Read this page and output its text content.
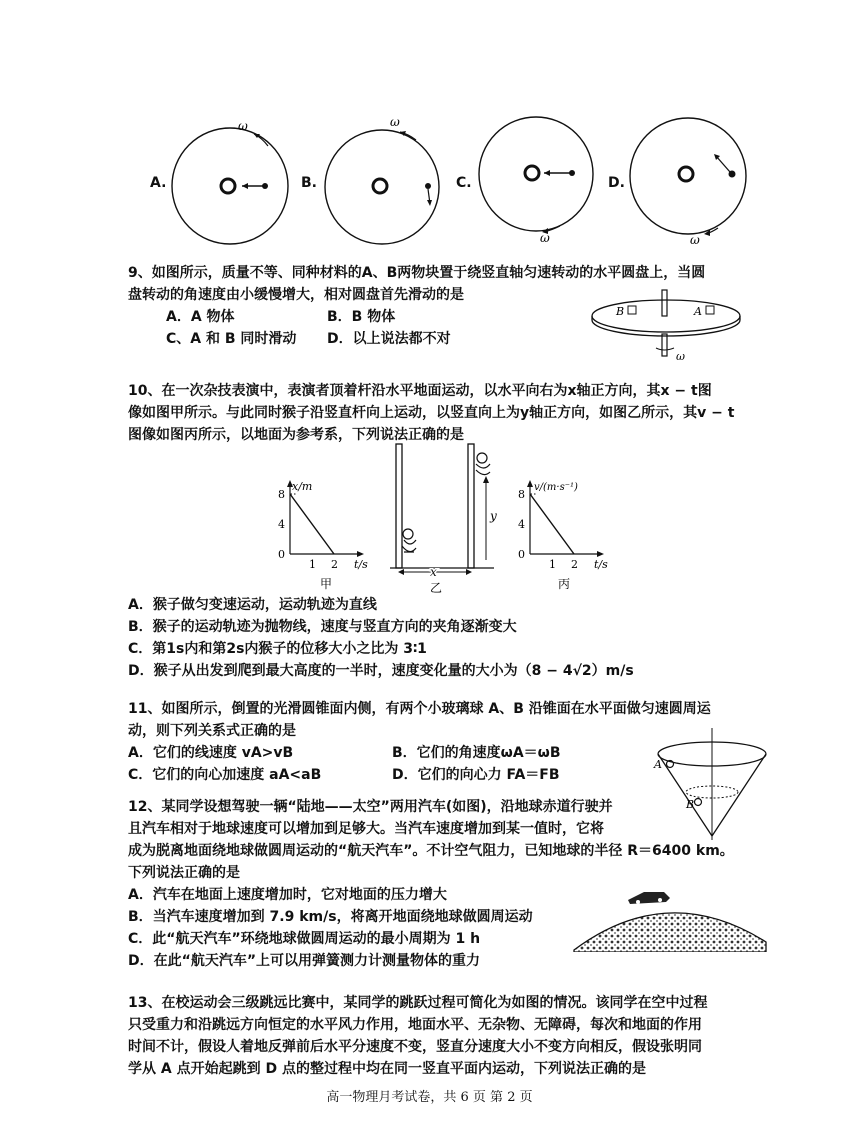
A.	B.	C.	D.
ω	ω
ω	ω
9、如图所示，质量不等、同种材料的A、B两物块置于绕竖直轴匀速转动的水平圆盘上，当圆
盘转动的角速度由小缓慢增大，相对圆盘首先滑动的是
A．A 物体	B．B 物体
C、A 和 B 同时滑动 D．以上说法都不对
B	A
ω
10、在一次杂技表演中，表演者顶着杆沿水平地面运动，以水平向右为x轴正方向，其x − t图
像如图甲所示。与此同时猴子沿竖直杆向上运动，以竖直向上为y轴正方向，如图乙所示，其v − t
图像如图丙所示，以地面为参考系，下列说法正确的是
x/m
8
4
0
1 2 t/s
甲
y
x
乙
v/(m·s⁻¹)
8
4
0
1 2 t/s
丙
A．猴子做匀变速运动，运动轨迹为直线
B．猴子的运动轨迹为抛物线，速度与竖直方向的夹角逐渐变大
C．第1s内和第2s内猴子的位移大小之比为 3∶1
D．猴子从出发到爬到最大高度的一半时，速度变化量的大小为（8 − 4√2）m/s
11、如图所示，倒置的光滑圆锥面内侧，有两个小玻璃球 A、B 沿锥面在水平面做匀速圆周运
动，则下列关系式正确的是
A．它们的线速度 vA>vB	B．它们的角速度ωA＝ωB
C．它们的向心加速度 aA<aB	D．它们的向心力 FA＝FB
A
B
12、某同学设想驾驶一辆“陆地——太空”两用汽车(如图)，沿地球赤道行驶并
且汽车相对于地球速度可以增加到足够大。当汽车速度增加到某一值时，它将
成为脱离地面绕地球做圆周运动的“航天汽车”。不计空气阻力，已知地球的半径 R＝6400 km。
下列说法正确的是
A．汽车在地面上速度增加时，它对地面的压力增大
B．当汽车速度增加到 7.9 km/s，将离开地面绕地球做圆周运动
C．此“航天汽车”环绕地球做圆周运动的最小周期为 1 h
D．在此“航天汽车”上可以用弹簧测力计测量物体的重力
13、在校运动会三级跳远比赛中，某同学的跳跃过程可简化为如图的情况。该同学在空中过程
只受重力和沿跳远方向恒定的水平风力作用，地面水平、无杂物、无障碍，每次和地面的作用
时间不计，假设人着地反弹前后水平分速度不变，竖直分速度大小不变方向相反，假设张明同
学从 A 点开始起跳到 D 点的整过程中均在同一竖直平面内运动，下列说法正确的是
高一物理月考试卷，共 6 页 第 2 页
